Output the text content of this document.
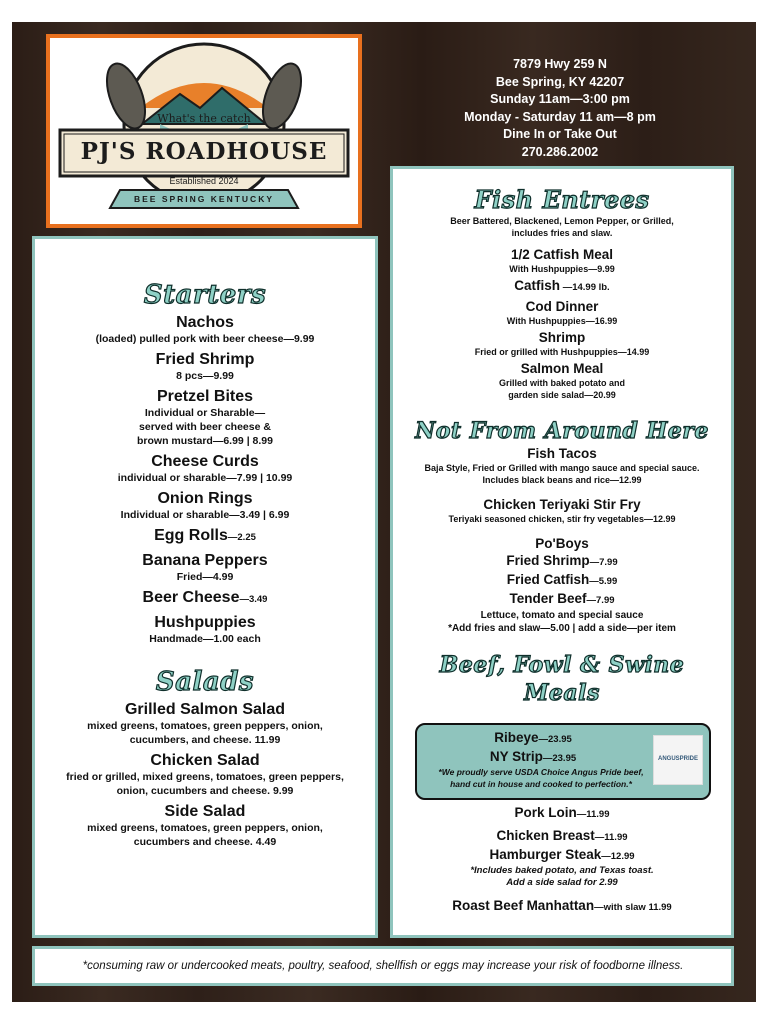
What's the catch
PJ'S ROADHOUSE
Established 2024
BEE SPRING KENTUCKY
7879 Hwy 259 N
Bee Spring, KY 42207
Sunday 11am—3:00 pm
Monday - Saturday 11 am—8 pm
Dine In or Take Out
270.286.2002
Starters
Nachos
(loaded) pulled pork with beer cheese—9.99
Fried Shrimp
8 pcs—9.99
Pretzel Bites
Individual or Sharable—
served with beer cheese &
brown mustard—6.99 | 8.99
Cheese Curds
individual or sharable—7.99 | 10.99
Onion Rings
Individual or sharable—3.49 | 6.99
Egg Rolls—2.25
Banana Peppers
Fried—4.99
Beer Cheese—3.49
Hushpuppies
Handmade—1.00 each
Salads
Grilled Salmon Salad
mixed greens, tomatoes, green peppers, onion,
cucumbers, and cheese. 11.99
Chicken Salad
fried or grilled, mixed greens, tomatoes, green peppers,
onion, cucumbers and cheese. 9.99
Side Salad
mixed greens, tomatoes, green peppers, onion,
cucumbers and cheese. 4.49
Fish Entrees
Beer Battered, Blackened, Lemon Pepper, or Grilled,
includes fries and slaw.
1/2 Catfish Meal
With Hushpuppies—9.99
Catfish —14.99 lb.
Cod Dinner
With Hushpuppies—16.99
Shrimp
Fried or grilled with Hushpuppies—14.99
Salmon Meal
Grilled with baked potato and
garden side salad—20.99
Not From Around Here
Fish Tacos
Baja Style, Fried or Grilled with mango sauce and special sauce.
Includes black beans and rice—12.99
Chicken Teriyaki Stir Fry
Teriyaki seasoned chicken, stir fry vegetables—12.99
Po'Boys
Fried Shrimp—7.99
Fried Catfish—5.99
Tender Beef—7.99
Lettuce, tomato and special sauce
*Add fries and slaw—5.00 | add a side—per item
Beef, Fowl & Swine
Meals
Ribeye—23.95
NY Strip—23.95
*We proudly serve USDA Choice Angus Pride beef,
hand cut in house and cooked to perfection.*
ANGUSPRIDE
Pork Loin—11.99
Chicken Breast—11.99
Hamburger Steak—12.99
*Includes baked potato, and Texas toast.
Add a side salad for 2.99
Roast Beef Manhattan—with slaw 11.99
*consuming raw or undercooked meats, poultry, seafood, shellfish or eggs may increase your risk of foodborne illness.
